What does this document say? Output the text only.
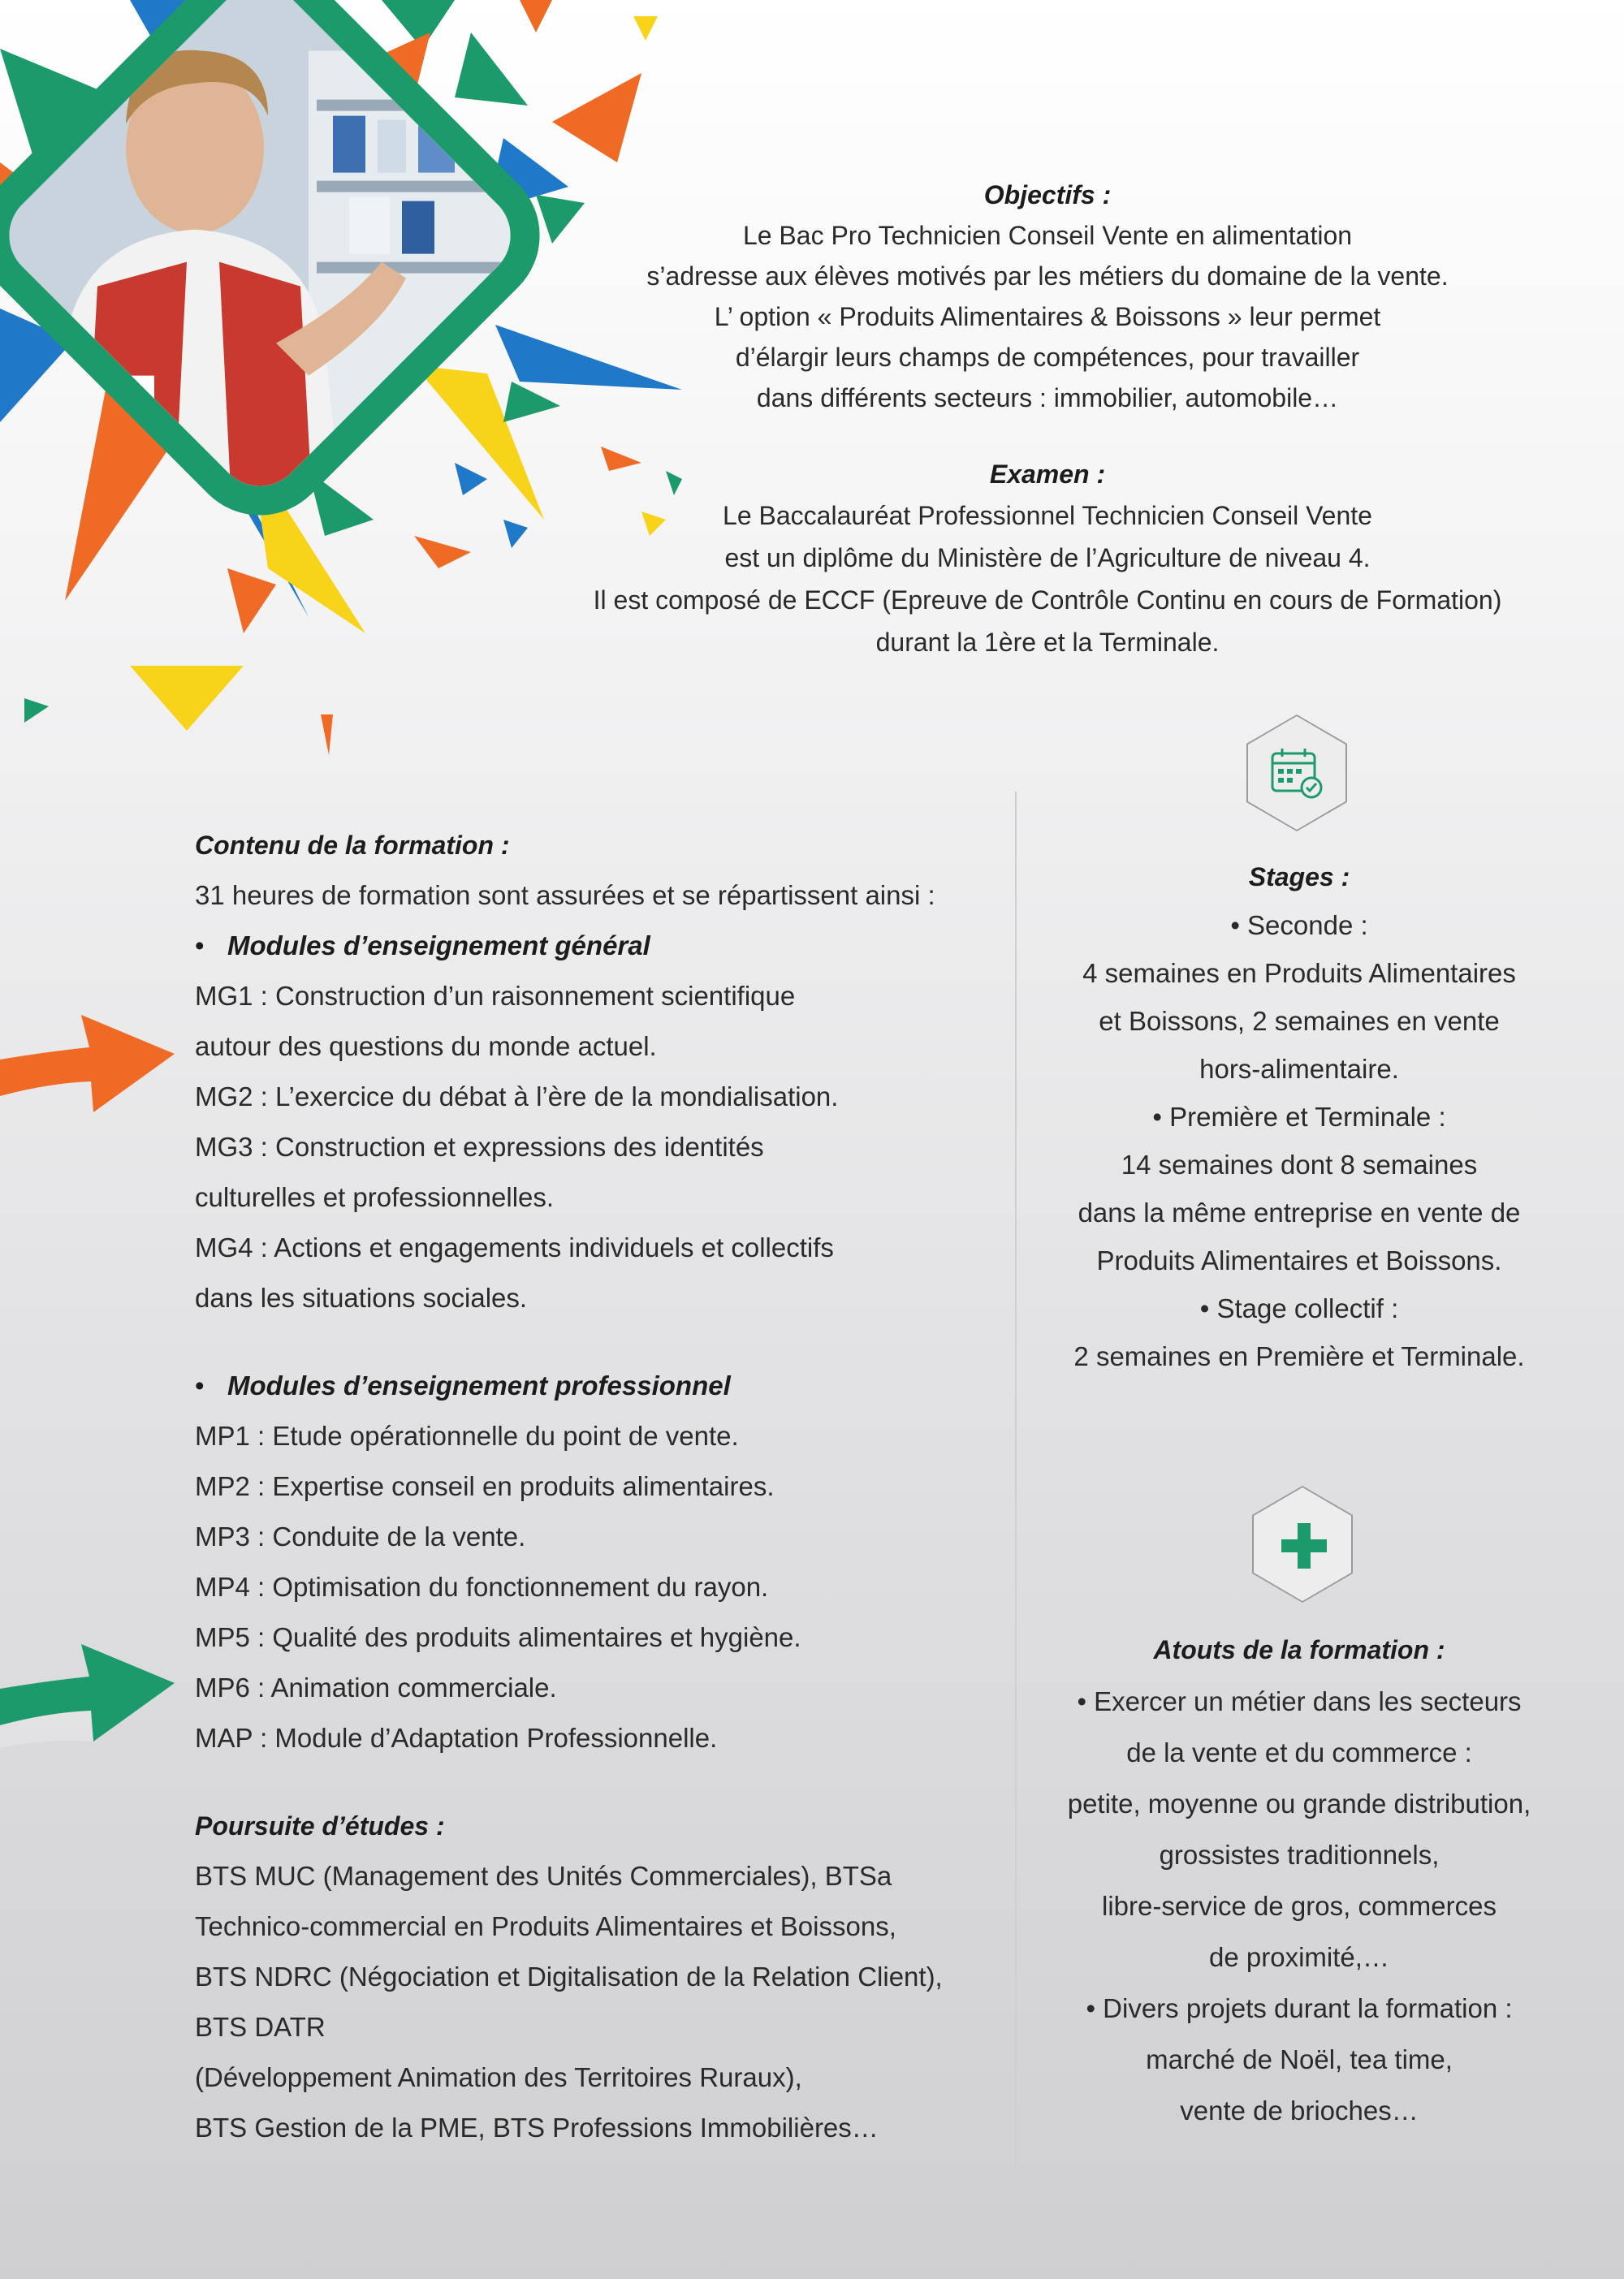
Objectifs :

Le Bac Pro Technicien Conseil Vente en alimentation

s’adresse aux élèves motivés par les métiers du domaine de la vente.

L’ option « Produits Alimentaires & Boissons » leur permet

d’élargir leurs champs de compétences, pour travailler

dans différents secteurs : immobilier, automobile…

Examen :

Le Baccalauréat Professionnel Technicien Conseil Vente

est un diplôme du Ministère de l’Agriculture de niveau 4.

Il est composé de ECCF (Epreuve de Contrôle Continu en cours de Formation)

durant la 1ère et la Terminale.

Contenu de la formation :

31 heures de formation sont assurées et se répartissent ainsi :

• Modules d’enseignement général

MG1 : Construction d’un raisonnement scientifique

autour des questions du monde actuel.

MG2 : L’exercice du débat à l’ère de la mondialisation.

MG3 : Construction et expressions des identités

culturelles et professionnelles.

MG4 : Actions et engagements individuels et collectifs

dans les situations sociales.

• Modules d’enseignement professionnel

MP1 : Etude opérationnelle du point de vente.

MP2 : Expertise conseil en produits alimentaires.

MP3 : Conduite de la vente.

MP4 : Optimisation du fonctionnement du rayon.

MP5 : Qualité des produits alimentaires et hygiène.

MP6 : Animation commerciale.

MAP : Module d’Adaptation Professionnelle.

Poursuite d’études :

BTS MUC (Management des Unités Commerciales), BTSa

Technico-commercial en Produits Alimentaires et Boissons,

BTS NDRC (Négociation et Digitalisation de la Relation Client),

BTS DATR

(Développement Animation des Territoires Ruraux),

BTS Gestion de la PME, BTS Professions Immobilières…

Stages :

• Seconde :

4 semaines en Produits Alimentaires

et Boissons, 2 semaines en vente

hors-alimentaire.

• Première et Terminale :

14 semaines dont 8 semaines

dans la même entreprise en vente de

Produits Alimentaires et Boissons.

• Stage collectif :

2 semaines en Première et Terminale.

Atouts de la formation :

• Exercer un métier dans les secteurs

de la vente et du commerce :

petite, moyenne ou grande distribution,

grossistes traditionnels,

libre-service de gros, commerces

de proximité,…

• Divers projets durant la formation :

marché de Noël, tea time,

vente de brioches…
